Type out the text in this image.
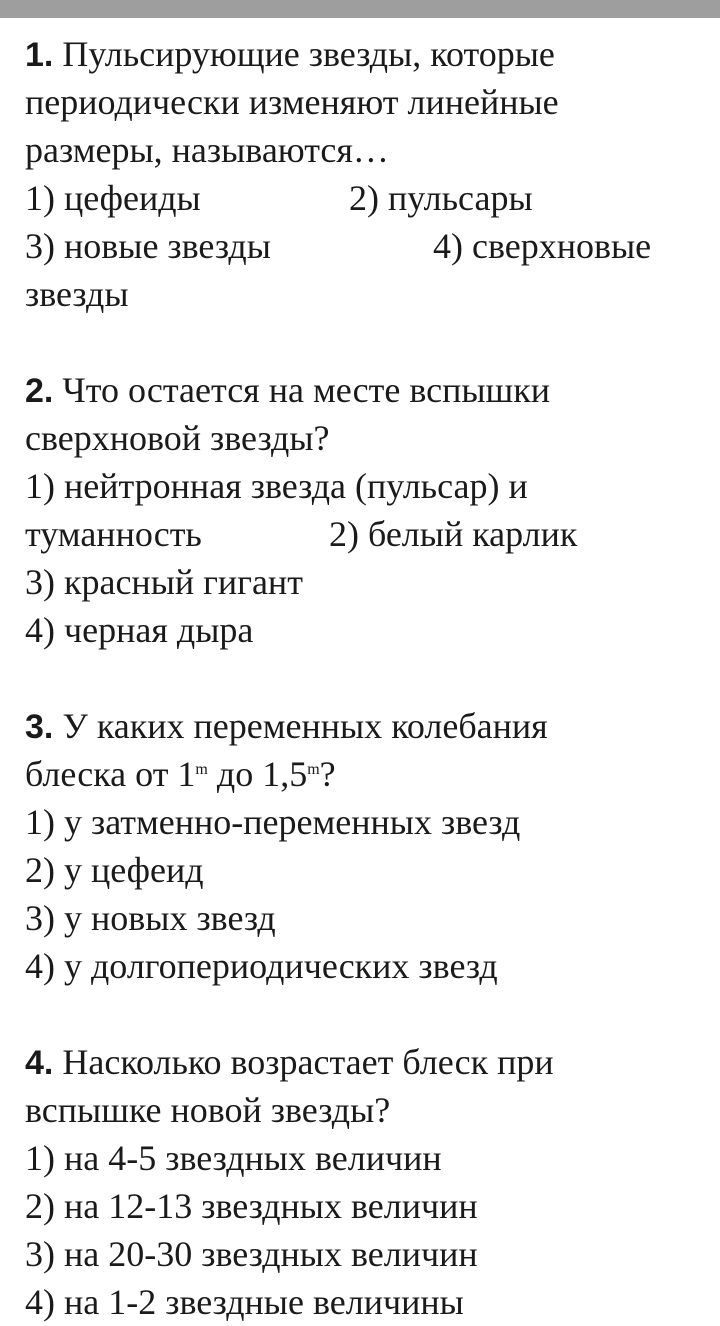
1. Пульсирующие звезды, которые
периодически изменяют линейные
размеры, называются…
1) цефеиды	2) пульсары
3) новые звезды	4) сверхновые
звезды
2. Что остается на месте вспышки
сверхновой звезды?
1) нейтронная звезда (пульсар) и
туманность	2) белый карлик
3) красный гигант
4) черная дыра
3. У каких переменных колебания
блеска от 1$^m$ до 1,5$^m$?
1) у затменно-переменных звезд
2) у цефеид
3) у новых звезд
4) у долгопериодических звезд
4. Насколько возрастает блеск при
вспышке новой звезды?
1) на 4-5 звездных величин
2) на 12-13 звездных величин
3) на 20-30 звездных величин
4) на 1-2 звездные величины
